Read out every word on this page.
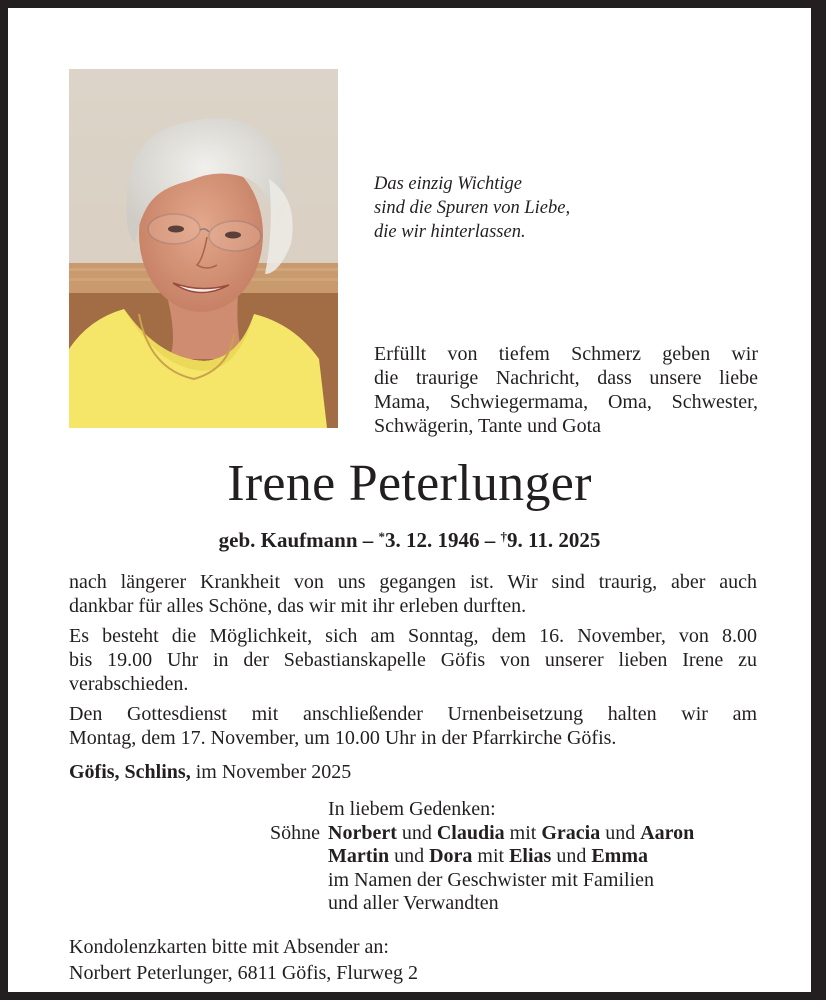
Das einzig Wichtige
sind die Spuren von Liebe,
die wir hinterlassen.
Erfüllt von tiefem Schmerz geben wir
die traurige Nachricht, dass unsere liebe
Mama, Schwiegermama, Oma, Schwester,
Schwägerin, Tante und Gota
Irene Peterlunger
geb. Kaufmann – *3. 12. 1946 – †9. 11. 2025

nach längerer Krankheit von uns gegangen ist. Wir sind traurig, aber auch
dankbar für alles Schöne, das wir mit ihr erleben durften.

Es besteht die Möglichkeit, sich am Sonntag, dem 16. November, von 8.00
bis 19.00 Uhr in der Sebastianskapelle Göfis von unserer lieben Irene zu
verabschieden.

Den Gottesdienst mit anschließender Urnenbeisetzung halten wir am
Montag, dem 17. November, um 10.00 Uhr in der Pfarrkirche Göfis.

Göfis, Schlins, im November 2025
In liebem Gedenken:
Söhne Norbert und Claudia mit Gracia und Aaron
Martin und Dora mit Elias und Emma
im Namen der Geschwister mit Familien
und aller Verwandten
Kondolenzkarten bitte mit Absender an:
Norbert Peterlunger, 6811 Göfis, Flurweg 2
